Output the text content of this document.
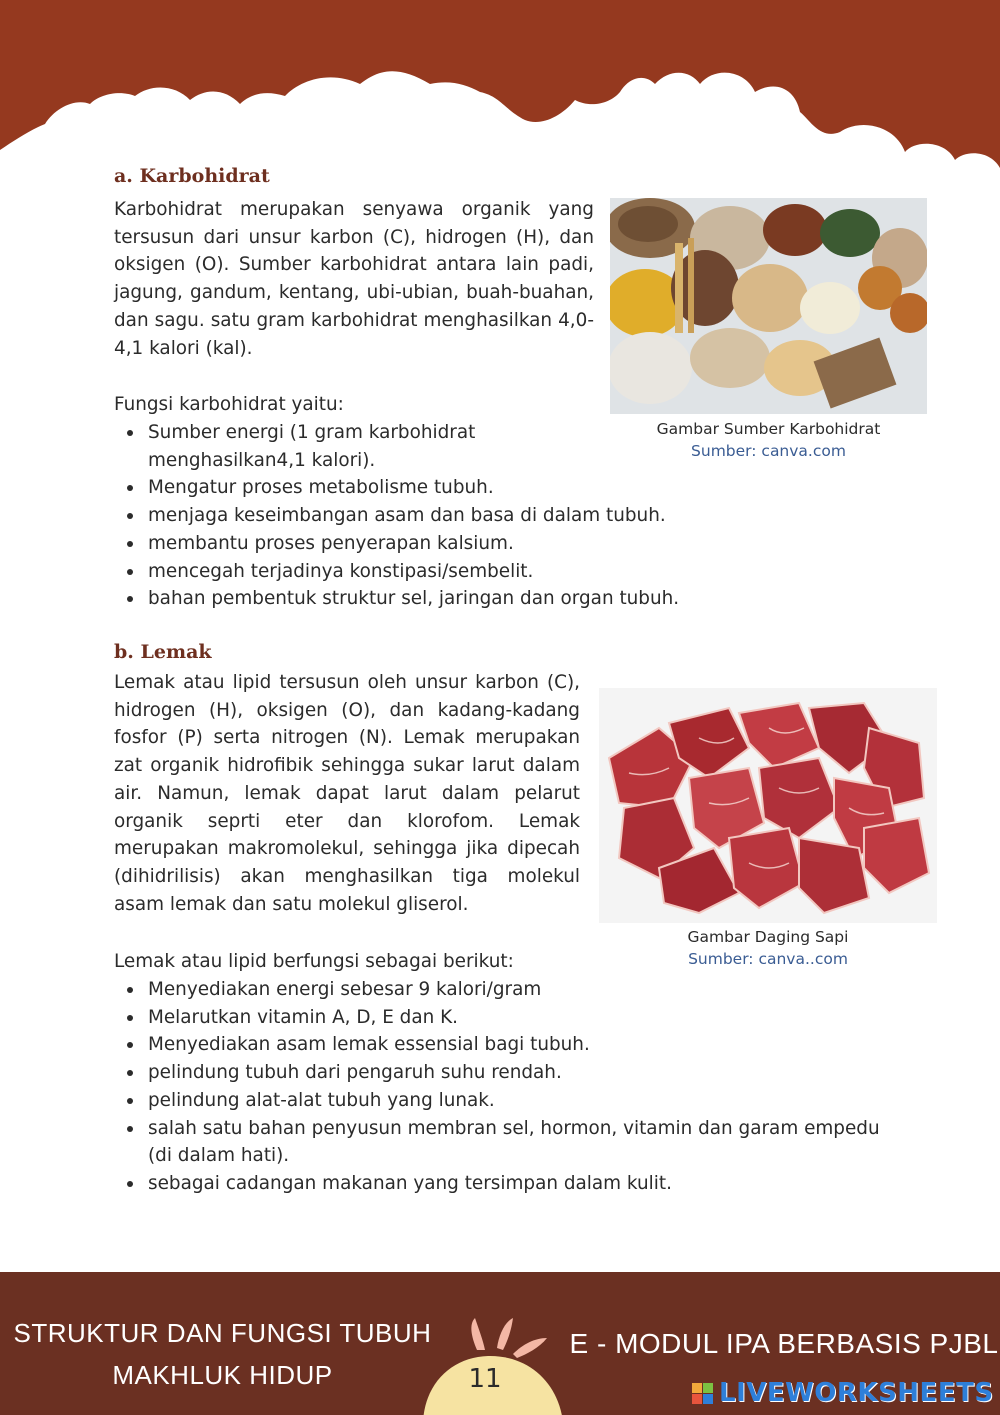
a. Karbohidrat

Karbohidrat merupakan senyawa organik yang tersusun dari unsur karbon (C), hidrogen (H), dan oksigen (O). Sumber karbohidrat antara lain padi, jagung, gandum, kentang, ubi-ubian, buah-buahan, dan sagu. satu gram karbohidrat menghasilkan 4,0- 4,1 kalori (kal).

Fungsi karbohidrat yaitu:

Sumber energi (1 gram karbohidrat menghasilkan4,1 kalori).
Mengatur proses metabolisme tubuh.
menjaga keseimbangan asam dan basa di dalam tubuh.
membantu proses penyerapan kalsium.
mencegah terjadinya konstipasi/sembelit.
bahan pembentuk struktur sel, jaringan dan organ tubuh.
Gambar Sumber Karbohidrat
Sumber: canva.com
b. Lemak

Lemak atau lipid tersusun oleh unsur karbon (C), hidrogen (H), oksigen (O), dan kadang-kadang fosfor (P) serta nitrogen (N). Lemak merupakan zat organik hidrofibik sehingga sukar larut dalam air. Namun, lemak dapat larut dalam pelarut organik seprti eter dan klorofom. Lemak merupakan makromolekul, sehingga jika dipecah (dihidrilisis) akan menghasilkan tiga molekul asam lemak dan satu molekul gliserol.

Lemak atau lipid berfungsi sebagai berikut:

Menyediakan energi sebesar 9 kalori/gram
Melarutkan vitamin A, D, E dan K.
Menyediakan asam lemak essensial bagi tubuh.
pelindung tubuh dari pengaruh suhu rendah.
pelindung alat-alat tubuh yang lunak.
salah satu bahan penyusun membran sel, hormon, vitamin dan garam empedu (di dalam hati).
sebagai cadangan makanan yang tersimpan dalam kulit.
Gambar Daging Sapi
Sumber: canva..com
STRUKTUR DAN FUNGSI TUBUH
MAKHLUK HIDUP	11
E - MODUL IPA BERBASIS PJBL
LIVEWORKSHEETS
